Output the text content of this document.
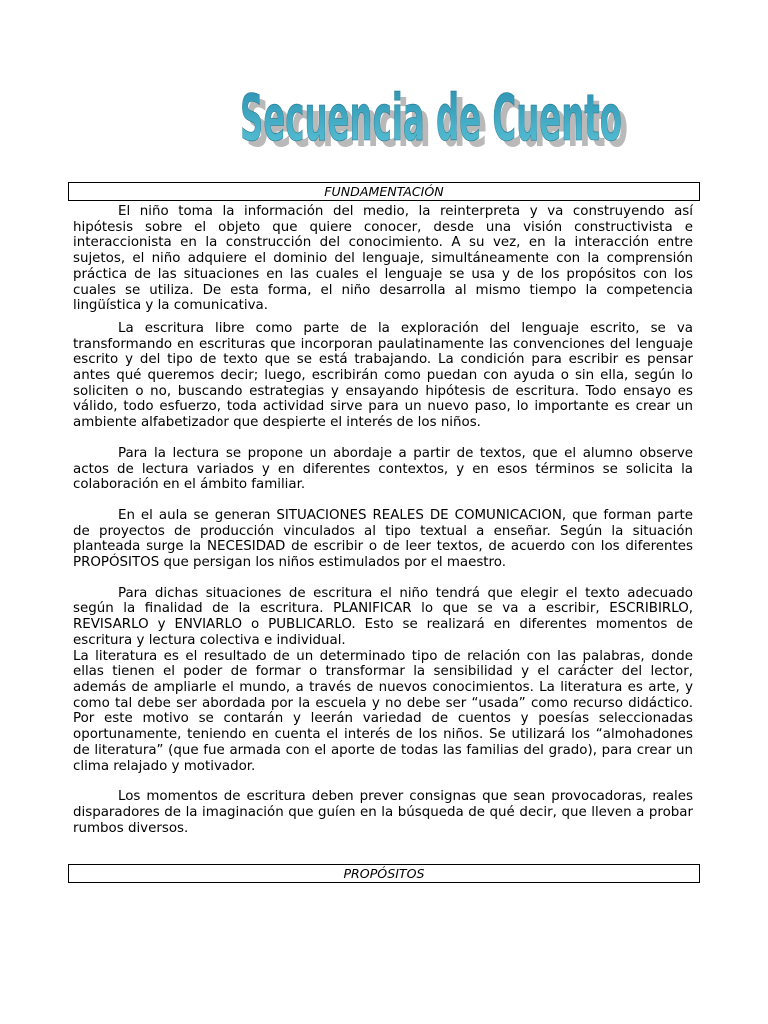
Secuencia de Cuento
Secuencia de Cuento
FUNDAMENTACIÓN

El niño toma la información del medio, la reinterpreta y va construyendo así hipótesis sobre el objeto que quiere conocer, desde una visión constructivista e interaccionista en la construcción del conocimiento. A su vez, en la interacción entre sujetos, el niño adquiere el dominio del lenguaje, simultáneamente con la comprensión práctica de las situaciones en las cuales el lenguaje se usa y de los propósitos con los cuales se utiliza. De esta forma, el niño desarrolla al mismo tiempo la competencia lingüística y la comunicativa.

La escritura libre como parte de la exploración del lenguaje escrito, se va transformando en escrituras que incorporan paulatinamente las convenciones del lenguaje escrito y del tipo de texto que se está trabajando. La condición para escribir es pensar antes qué queremos decir; luego, escribirán como puedan con ayuda o sin ella, según lo soliciten o no, buscando estrategias y ensayando hipótesis de escritura. Todo ensayo es válido, todo esfuerzo, toda actividad sirve para un nuevo paso, lo importante es crear un ambiente alfabetizador que despierte el interés de los niños.

Para la lectura se propone un abordaje a partir de textos, que el alumno observe actos de lectura variados y en diferentes contextos, y en esos términos se solicita la colaboración en el ámbito familiar.

En el aula se generan SITUACIONES REALES DE COMUNICACION, que forman parte de proyectos de producción vinculados al tipo textual a enseñar. Según la situación planteada surge la NECESIDAD de escribir o de leer textos, de acuerdo con los diferentes PROPÓSITOS que persigan los niños estimulados por el maestro.

Para dichas situaciones de escritura el niño tendrá que elegir el texto adecuado según la finalidad de la escritura. PLANIFICAR lo que se va a escribir, ESCRIBIRLO, REVISARLO y ENVIARLO o PUBLICARLO. Esto se realizará en diferentes momentos de escritura y lectura colectiva e individual.

La literatura es el resultado de un determinado tipo de relación con las palabras, donde ellas tienen el poder de formar o transformar la sensibilidad y el carácter del lector, además de ampliarle el mundo, a través de nuevos conocimientos. La literatura es arte, y como tal debe ser abordada por la escuela y no debe ser “usada” como recurso didáctico. Por este motivo se contarán y leerán variedad de cuentos y poesías seleccionadas oportunamente, teniendo en cuenta el interés de los niños. Se utilizará los “almohadones de literatura” (que fue armada con el aporte de todas las familias del grado), para crear un clima relajado y motivador.

Los momentos de escritura deben prever consignas que sean provocadoras, reales disparadores de la imaginación que guíen en la búsqueda de qué decir, que lleven a probar rumbos diversos.

PROPÓSITOS
